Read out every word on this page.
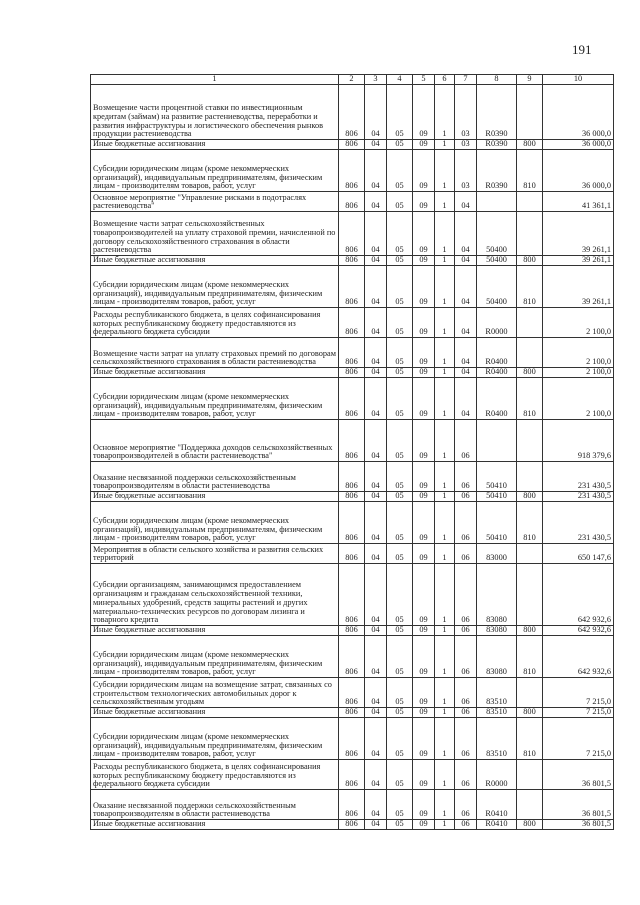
191
1	2	3	4	5	6	7	8	9	10
Возмещение части процентной ставки по инвестиционным кредитам (займам) на развитие растениеводства, переработки и развития инфраструктуры и логистического обеспечения рынков продукции растениеводства	806	04	05	09	1	03	R0390		36 000,0
Иные бюджетные ассигнования	806	04	05	09	1	03	R0390	800	36 000,0
Субсидии юридическим лицам (кроме некоммерческих организаций), индивидуальным предпринимателям, физическим лицам - производителям товаров, работ, услуг	806	04	05	09	1	03	R0390	810	36 000,0
Основное мероприятие "Управление рисками в подотраслях растениеводства"	806	04	05	09	1	04			41 361,1
Возмещение части затрат сельскохозяйственных товаропроизводителей на уплату страховой премии, начисленной по договору сельскохозяйственного страхования в области растениеводства	806	04	05	09	1	04	50400		39 261,1
Иные бюджетные ассигнования	806	04	05	09	1	04	50400	800	39 261,1
Субсидии юридическим лицам (кроме некоммерческих организаций), индивидуальным предпринимателям, физическим лицам - производителям товаров, работ, услуг	806	04	05	09	1	04	50400	810	39 261,1
Расходы республиканского бюджета, в целях софинансирования которых республиканскому бюджету предоставляются из федерального бюджета субсидии	806	04	05	09	1	04	R0000		2 100,0
Возмещение части затрат на уплату страховых премий по договорам сельскохозяйственного страхования в области растениеводства	806	04	05	09	1	04	R0400		2 100,0
Иные бюджетные ассигнования	806	04	05	09	1	04	R0400	800	2 100,0
Субсидии юридическим лицам (кроме некоммерческих организаций), индивидуальным предпринимателям, физическим лицам - производителям товаров, работ, услуг	806	04	05	09	1	04	R0400	810	2 100,0
Основное мероприятие "Поддержка доходов сельскохозяйственных товаропроизводителей в области растениеводства"	806	04	05	09	1	06			918 379,6
Оказание несвязанной поддержки сельскохозяйственным товаропроизводителям в области растениеводства	806	04	05	09	1	06	50410		231 430,5
Иные бюджетные ассигнования	806	04	05	09	1	06	50410	800	231 430,5
Субсидии юридическим лицам (кроме некоммерческих организаций), индивидуальным предпринимателям, физическим лицам - производителям товаров, работ, услуг	806	04	05	09	1	06	50410	810	231 430,5
Мероприятия в области сельского хозяйства и развития сельских территорий	806	04	05	09	1	06	83000		650 147,6
Субсидии организациям, занимающимся предоставлением организациям и гражданам сельскохозяйственной техники, минеральных удобрений, средств защиты растений и других материально-технических ресурсов по договорам лизинга и товарного кредита	806	04	05	09	1	06	83080		642 932,6
Иные бюджетные ассигнования	806	04	05	09	1	06	83080	800	642 932,6
Субсидии юридическим лицам (кроме некоммерческих организаций), индивидуальным предпринимателям, физическим лицам - производителям товаров, работ, услуг	806	04	05	09	1	06	83080	810	642 932,6
Субсидии юридическим лицам на возмещение затрат, связанных со строительством технологических автомобильных дорог к сельскохозяйственным угодьям	806	04	05	09	1	06	83510		7 215,0
Иные бюджетные ассигнования	806	04	05	09	1	06	83510	800	7 215,0
Субсидии юридическим лицам (кроме некоммерческих организаций), индивидуальным предпринимателям, физическим лицам - производителям товаров, работ, услуг	806	04	05	09	1	06	83510	810	7 215,0
Расходы республиканского бюджета, в целях софинансирования которых республиканскому бюджету предоставляются из федерального бюджета субсидии	806	04	05	09	1	06	R0000		36 801,5
Оказание несвязанной поддержки сельскохозяйственным товаропроизводителям в области растениеводства	806	04	05	09	1	06	R0410		36 801,5
Иные бюджетные ассигнования	806	04	05	09	1	06	R0410	800	36 801,5
